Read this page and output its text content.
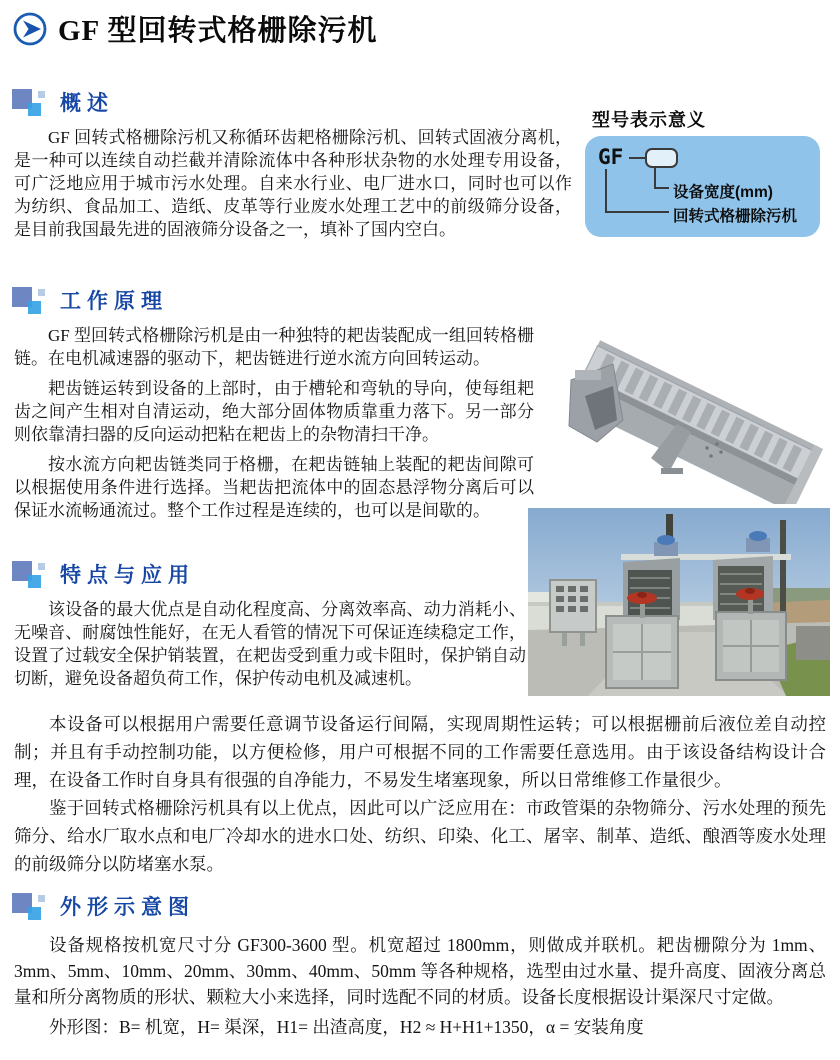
GF 型回转式格栅除污机
概述

GF 回转式格栅除污机又称循环齿耙格栅除污机、回转式固液分离机，是一种可以连续自动拦截并清除流体中各种形状杂物的水处理专用设备，可广泛地应用于城市污水处理。自来水行业、电厂进水口，同时也可以作为纺织、食品加工、造纸、皮革等行业废水处理工艺中的前级筛分设备，是目前我国最先进的固液筛分设备之一，填补了国内空白。

型号表示意义
GF
设备宽度(mm)
回转式格栅除污机
工作原理

GF 型回转式格栅除污机是由一种独特的耙齿装配成一组回转格栅链。在电机减速器的驱动下，耙齿链进行逆水流方向回转运动。

耙齿链运转到设备的上部时，由于槽轮和弯轨的导向，使每组耙齿之间产生相对自清运动，绝大部分固体物质靠重力落下。另一部分则依靠清扫器的反向运动把粘在耙齿上的杂物清扫干净。

按水流方向耙齿链类同于格栅，在耙齿链轴上装配的耙齿间隙可以根据使用条件进行选择。当耙齿把流体中的固态悬浮物分离后可以保证水流畅通流过。整个工作过程是连续的，也可以是间歇的。

特点与应用

该设备的最大优点是自动化程度高、分离效率高、动力消耗小、无噪音、耐腐蚀性能好，在无人看管的情况下可保证连续稳定工作，设置了过载安全保护销装置，在耙齿受到重力或卡阻时，保护销自动切断，避免设备超负荷工作，保护传动电机及减速机。

本设备可以根据用户需要任意调节设备运行间隔，实现周期性运转；可以根据栅前后液位差自动控制；并且有手动控制功能，以方便检修，用户可根据不同的工作需要任意选用。由于该设备结构设计合理，在设备工作时自身具有很强的自净能力，不易发生堵塞现象，所以日常维修工作量很少。

鉴于回转式格栅除污机具有以上优点，因此可以广泛应用在：市政管渠的杂物筛分、污水处理的预先筛分、给水厂取水点和电厂冷却水的进水口处、纺织、印染、化工、屠宰、制革、造纸、酿酒等废水处理的前级筛分以防堵塞水泵。

外形示意图

设备规格按机宽尺寸分 GF300-3600 型。机宽超过 1800mm，则做成并联机。耙齿栅隙分为 1mm、3mm、5mm、10mm、20mm、30mm、40mm、50mm 等各种规格，选型由过水量、提升高度、固液分离总量和所分离物质的形状、颗粒大小来选择，同时选配不同的材质。设备长度根据设计渠深尺寸定做。

外形图：B= 机宽，H= 渠深，H1= 出渣高度，H2 ≈ H+H1+1350，α = 安装角度
